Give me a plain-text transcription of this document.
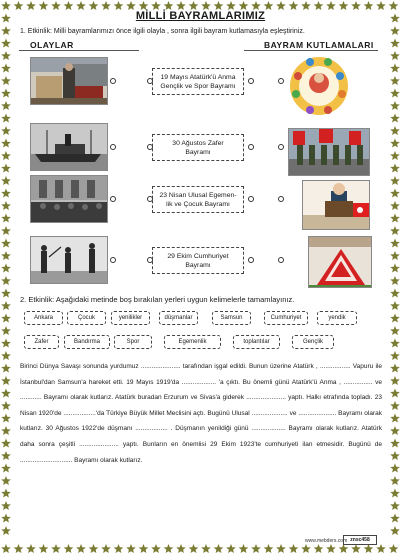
MİLLİ BAYRAMLARIMIZ
1. Etkinlik: Milli bayramlarımızı önce ilgili olayla , sonra ilgili bayram kutlamasıyla eşleştiriniz.
OLAYLAR	BAYRAM KUTLAMALARI
19 Mayıs Atatürk'ü Anma
Gençlik ve Spor Bayramı
30 Ağustos Zafer
Bayramı
23 Nisan Ulusal Egemen-
lik ve Çocuk Bayramı
29 Ekim Cumhuriyet
Bayramı
2. Etkinlik: Aşağıdaki metinde boş bırakılan yerleri uygun kelimelerle tamamlayınız.
Birinci Dünya Savaşı sonunda yurdumuz ...................... tarafından işgal edildi. Bunun üzerine Atatürk , ................. Vapuru ile İstanbul'dan Samsun'a hareket etti. 19 Mayıs 1919'da ................... 'a çıktı. Bu önemli günü Atatürk'ü Anma , ................ ve ............ Bayramı olarak kutlarız. Atatürk buradan Erzurum ve Sivas'a giderek ...................... yaptı. Halkı etrafında topladı. 23 Nisan 1920'de ..................'da Türkiye Büyük Millet Meclisini açtı. Bugünü Ulusal .................... ve ..................... Bayramı olarak kutlarız. 30 Ağustos 1922'de düşmanı .................. . Düşmanın yenildiği günü ................... Bayramı olarak kutlarız. Atatürk daha sonra çeşitli ...................... yaptı. Bunların en önemlisi 29 Ekim 1923'te cumhuriyeti ilan etmesidir. Bugünü de ............................. Bayramı olarak kutlarız.
www.mebders.com znsc458
Ankara	Çocuk	yenilikler	düşmanlar	Samsun	Cumhuriyet	yendik
Zafer	Bandırma	Spor	Egemenlik	toplantılar	Gençlik
